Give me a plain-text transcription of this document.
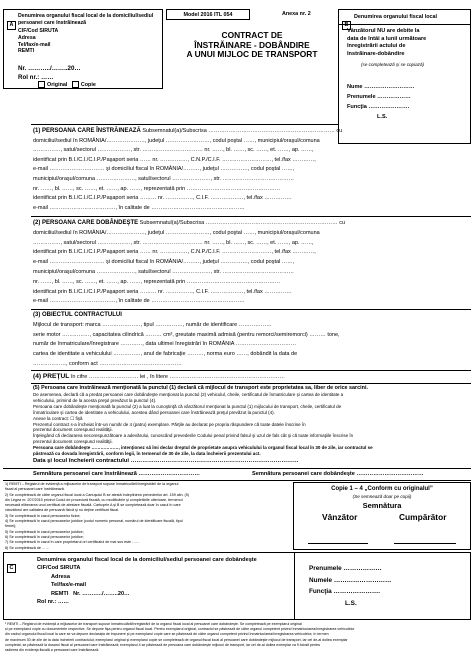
A
Denumirea organului fiscal local de la domiciliul/sediul persoanei care înstrăinează
CIF/Cod SIRUTA
Adresa
Tel/fax/e-mail
REMTI
Nr. ………../……..20…
Rol nr.: ……
Original	Copie
Model 2016 ITL 054	Anexa nr. 2
CONTRACT DE
ÎNSTRĂINARE - DOBÂNDIRE
A UNUI MIJLOC DE TRANSPORT
B
Denumirea organului fiscal local
Vânzătorul NU are debite la
data de întâi a lunii următoare
înregistrării actului de
înstrăinare-dobândire
(se completează şi se copiază)
Nume ………………………
Prenumele ………………
Funcţia ………………….
L.S.
(1) PERSOANA CARE ÎNSTRĂINEAZĂ Subsemnatul(a)/Subscrisa …………………………………………………………… cu
domiciliul/sediul în ROMÂNIA/…………………, judeţul ……………………, codul poştal ……, municipiul/oraşul/comuna
……………, satul/sectorul ………………, str. …………………………… nr. ……, bl. ……, sc. ……, et. ……, ap. ……,
identificat prin B.I./C.I./C.I.P./Paşaport seria …… nr. ……………, C.N.P./C.I.F. ………………………, tel./fax …………,
e-mail ………………………… şi domiciliul fiscal în ROMÂNIA/………, judeţul ……………, codul poştal ……,
municipiul/oraşul/comuna …………………, satul/sectorul …………………, str. …………………………………
nr. ……, bl. ……, sc. ……, et. ……, ap. ……, reprezentată prin ……………………………………………
identificat prin B.I./C.I./C.I.P./Paşaport seria ……… nr. ……………, C.I.F. ………………, tel./fax ……………
e-mail ………………………………, în calitate de ……………………………………………
(2) PERSOANA CARE DOBÂNDEŞTE Subsemnatul(a)/Subscrisa ……………………………………………………………… cu
domiciliul/sediul în ROMÂNIA/…………………, judeţul ……………………, codul poştal ……, municipiul/oraşul/comuna
……………, satul/sectorul ………………, str. …………………………… nr. ……, bl. ……, sc. ……, et. ……, ap. ……,
identificat prin B.I./C.I./C.I.P./Paşaport seria …… nr. ……………, C.N.P./C.I.F. ………………………, tel./fax …………,
e-mail ………………………… şi domiciliul fiscal în ROMÂNIA/………, judeţul ……………, codul poştal ……,
municipiul/oraşul/comuna …………………, satul/sectorul …………………, str. …………………………………
nr. ……, bl. ……, sc. ……, et. ……, ap. ……, reprezentată prin ……………………………………………
identificat prin B.I./C.I./C.I.P./Paşaport seria ……… nr. ……………, C.I.F. ………………, tel./fax ……………
e-mail ………………………………, în calitate de ……………………………………………
(3) OBIECTUL CONTRACTULUI
Mijlocul de transport: marca …………………, tipul ……………, număr de identificare ………………
serie motor ……………, capacitatea cilindrică ……… cm³, greutate maximă admisă (pentru remorci/semiremorci) ……… tone,
număr de înmatriculare/înregistrare …………, data ultimei înregistrări în ROMÂNIA ……………………………
cartea de identitate a vehiculului ……………, anul de fabricaţie ………, norma euro ……, dobândit la data de
………………, conform act ………………………………………
(4) PREŢUL în cifre ……………………… lei , în litere ………………………………………………………
(5) Persoana care înstrăinează menţionată la punctul (1) declară că mijlocul de transport este proprietatea sa, liber de orice sarcini.
De asemenea, declară că a predat persoanei care dobândeşte menţionat la punctul (2) vehiculul, cheile, certificatul de înmatriculare şi cartea de identitate a
vehiculului, primind de la acesta preţul prevăzut la punctul (4).
Persoana care dobândeşte menţionată la punctul (2) a luat la cunoştinţă că vânzătorul menţionat la punctul (1) mijlocului de transport, cheile, certificatul de
înmatriculare şi cartea de identitate a vehiculului, acestea dând persoanei care înstrăinează preţul prevăzut la punctul (4).
Anexe la contract: ☐ fişă
Prezentul contract s-a încheiat într-un număr de 4 (patru) exemplare. Părţile au declarat pe propria răspundere că toate datele înscrise în
prezentul document corespund realităţii.
Înţelegând că declararea necorespunzătoare a adevărului, cunoscând prevederile Codului penal privind falsul şi uzul de fals cât şi că toate informaţiile înscrise în
prezentul document corespund realităţii.
Persoana care dobândeşte ………………, intenţionez să îmi declar dreptul de proprietate asupra vehiculului la organul fiscal local în 30 de zile, iar contractul se
păstrează cu dovada înregistrării, conform legii, în termenul de 30 de zile, la data încheierii prezentului act.
Data şi locul încheierii contractului ……………………………………………………………………………
Semnătura persoanei care înstrăinează ……………………………	Semnătura persoanei care dobândeşte ………………………………
1) REMTI – Registrul de evidenţă a mijloacelor de transport supuse înmatriculării/înregistrării de la organul
fiscal al persoanei care înstrăinează.
2) Se completează de către organul fiscal local a Cartuşului B se atestă îndeplinirea prevederilor art. 159 alin. (5)
din Legea nr. 207/2015 privind Codul de procedură fiscală, cu modificările şi completările ulterioare, termenul
necesară eliberarea unui certificat de atestare fiscală. Cartuşele A şi B se completează doar în cazul în care
vânzătorul are calitatea de persoană fizică şi nu deţine certificat fiscal.
3) Se completează în cazul persoanelor fizice;
4) Se completează în cazul persoanelor juridice (codul numeric personal, numărul de identificare fiscală, tipul
firmei);
5) Se completează în cazul persoanelor juridice;
6) Se completează în cazul persoanelor juridice;
7) Se completează în cazul în care proprietarul ori certificatul de mai sus este ……
8) Se completează de ……
Copie 1 – 4 „Conform cu originalul”
(Se semnează doar pe copii)
Semnătura
Vânzător	Cumpărător
C
Denumirea organului fiscal local de la domiciliul/sediul persoanei care dobândeşte
CIF/Cod SIRUTA
Adresa
Tel/fax/e-mail
REMTI Nr. ………../……..20…
Rol nr.: ……
Prenumele ………………
Numele ………………………
Funcţia ………………….
L.S.
¹ REMTI – Registrul de evidenţă a mijloacelor de transport supuse înmatriculării/înregistrării de la organul fiscal local al persoanei care dobândeşte. Se completează pe exemplarul original
și pe exemplarul copie cu documentele respective. Se depune fişa pentru organul fiscal local. Pentru exemplarul original, contractul se păstrează de către organul competent privind înmatricularea/înregistrarea vehiculelor
din cadrul organului fiscal local la care se va depune declaraţia de impunere şi pe exemplarul copie care se păstrează de către organul competent privind înmatricularea/înregistrarea vehiculelor, în termen
de maximum 30 de zile de la data încheierii contractului; exemplarul original şi exemplarul copie se completează de organul fiscal local al persoanei care dobândeşte mijlocul de transport, iar cel de-al doilea exemplar
completat, se păstrează la dosarul fiscal al persoanei care înstrăinează; exemplarul 4 se păstrează de persoana care dobândeşte mijlocul de transport, iar cel de-al doilea exemplar va fi folosit pentru
radierea din evidenţa fiscală a persoanei care înstrăinează.
